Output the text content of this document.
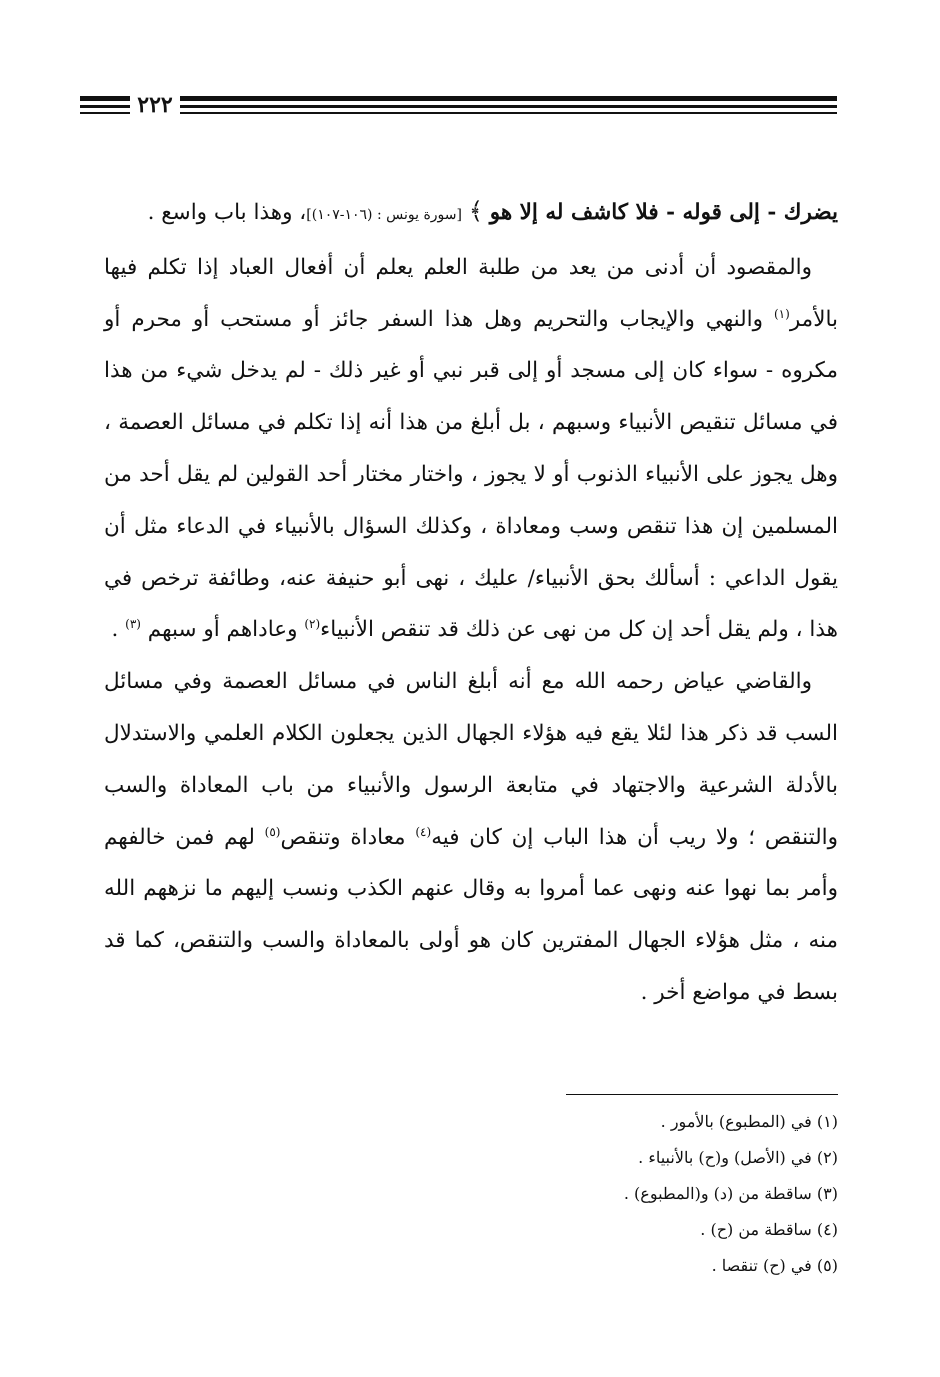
٢٢٢

يضرك - إلى قوله - فلا كاشف له إلا هو ﴾ [سورة يونس : (١٠٦-١٠٧)]، وهذا باب واسع .

والمقصود أن أدنى من يعد من طلبة العلم يعلم أن أفعال العباد إذا تكلم فيها بالأمر$^{(١)}$ والنهي والإيجاب والتحريم وهل هذا السفر جائز أو مستحب أو محرم أو مكروه - سواء كان إلى مسجد أو إلى قبر نبي أو غير ذلك - لم يدخل شيء من هذا في مسائل تنقيص الأنبياء وسبهم ، بل أبلغ من هذا أنه إذا تكلم في مسائل العصمة ، وهل يجوز على الأنبياء الذنوب أو لا يجوز ، واختار مختار أحد القولين لم يقل أحد من المسلمين إن هذا تنقص وسب ومعاداة ، وكذلك السؤال بالأنبياء في الدعاء مثل أن يقول الداعي : أسألك بحق الأنبياء/ عليك ، نهى أبو حنيفة عنه، وطائفة ترخص في هذا ، ولم يقل أحد إن كل من نهى عن ذلك قد تنقص الأنبياء$^{(٢)}$ وعاداهم أو سبهم $^{(٣)}$ .

والقاضي عياض رحمه الله مع أنه أبلغ الناس في مسائل العصمة وفي مسائل السب قد ذكر هذا لئلا يقع فيه هؤلاء الجهال الذين يجعلون الكلام العلمي والاستدلال بالأدلة الشرعية والاجتهاد في متابعة الرسول والأنبياء من باب المعاداة والسب والتنقص ؛ ولا ريب أن هذا الباب إن كان فيه$^{(٤)}$ معاداة وتنقص$^{(٥)}$ لهم فمن خالفهم وأمر بما نهوا عنه ونهى عما أمروا به وقال عنهم الكذب ونسب إليهم ما نزههم الله منه ، مثل هؤلاء الجهال المفترين كان هو أولى بالمعاداة والسب والتنقص، كما قد بسط في مواضع أخر .

(١) في (المطبوع) بالأمور .
(٢) في (الأصل) و(ح) بالأنبياء .
(٣) ساقطة من (د) و(المطبوع) .
(٤) ساقطة من (ح) .
(٥) في (ح) تنقصا .
